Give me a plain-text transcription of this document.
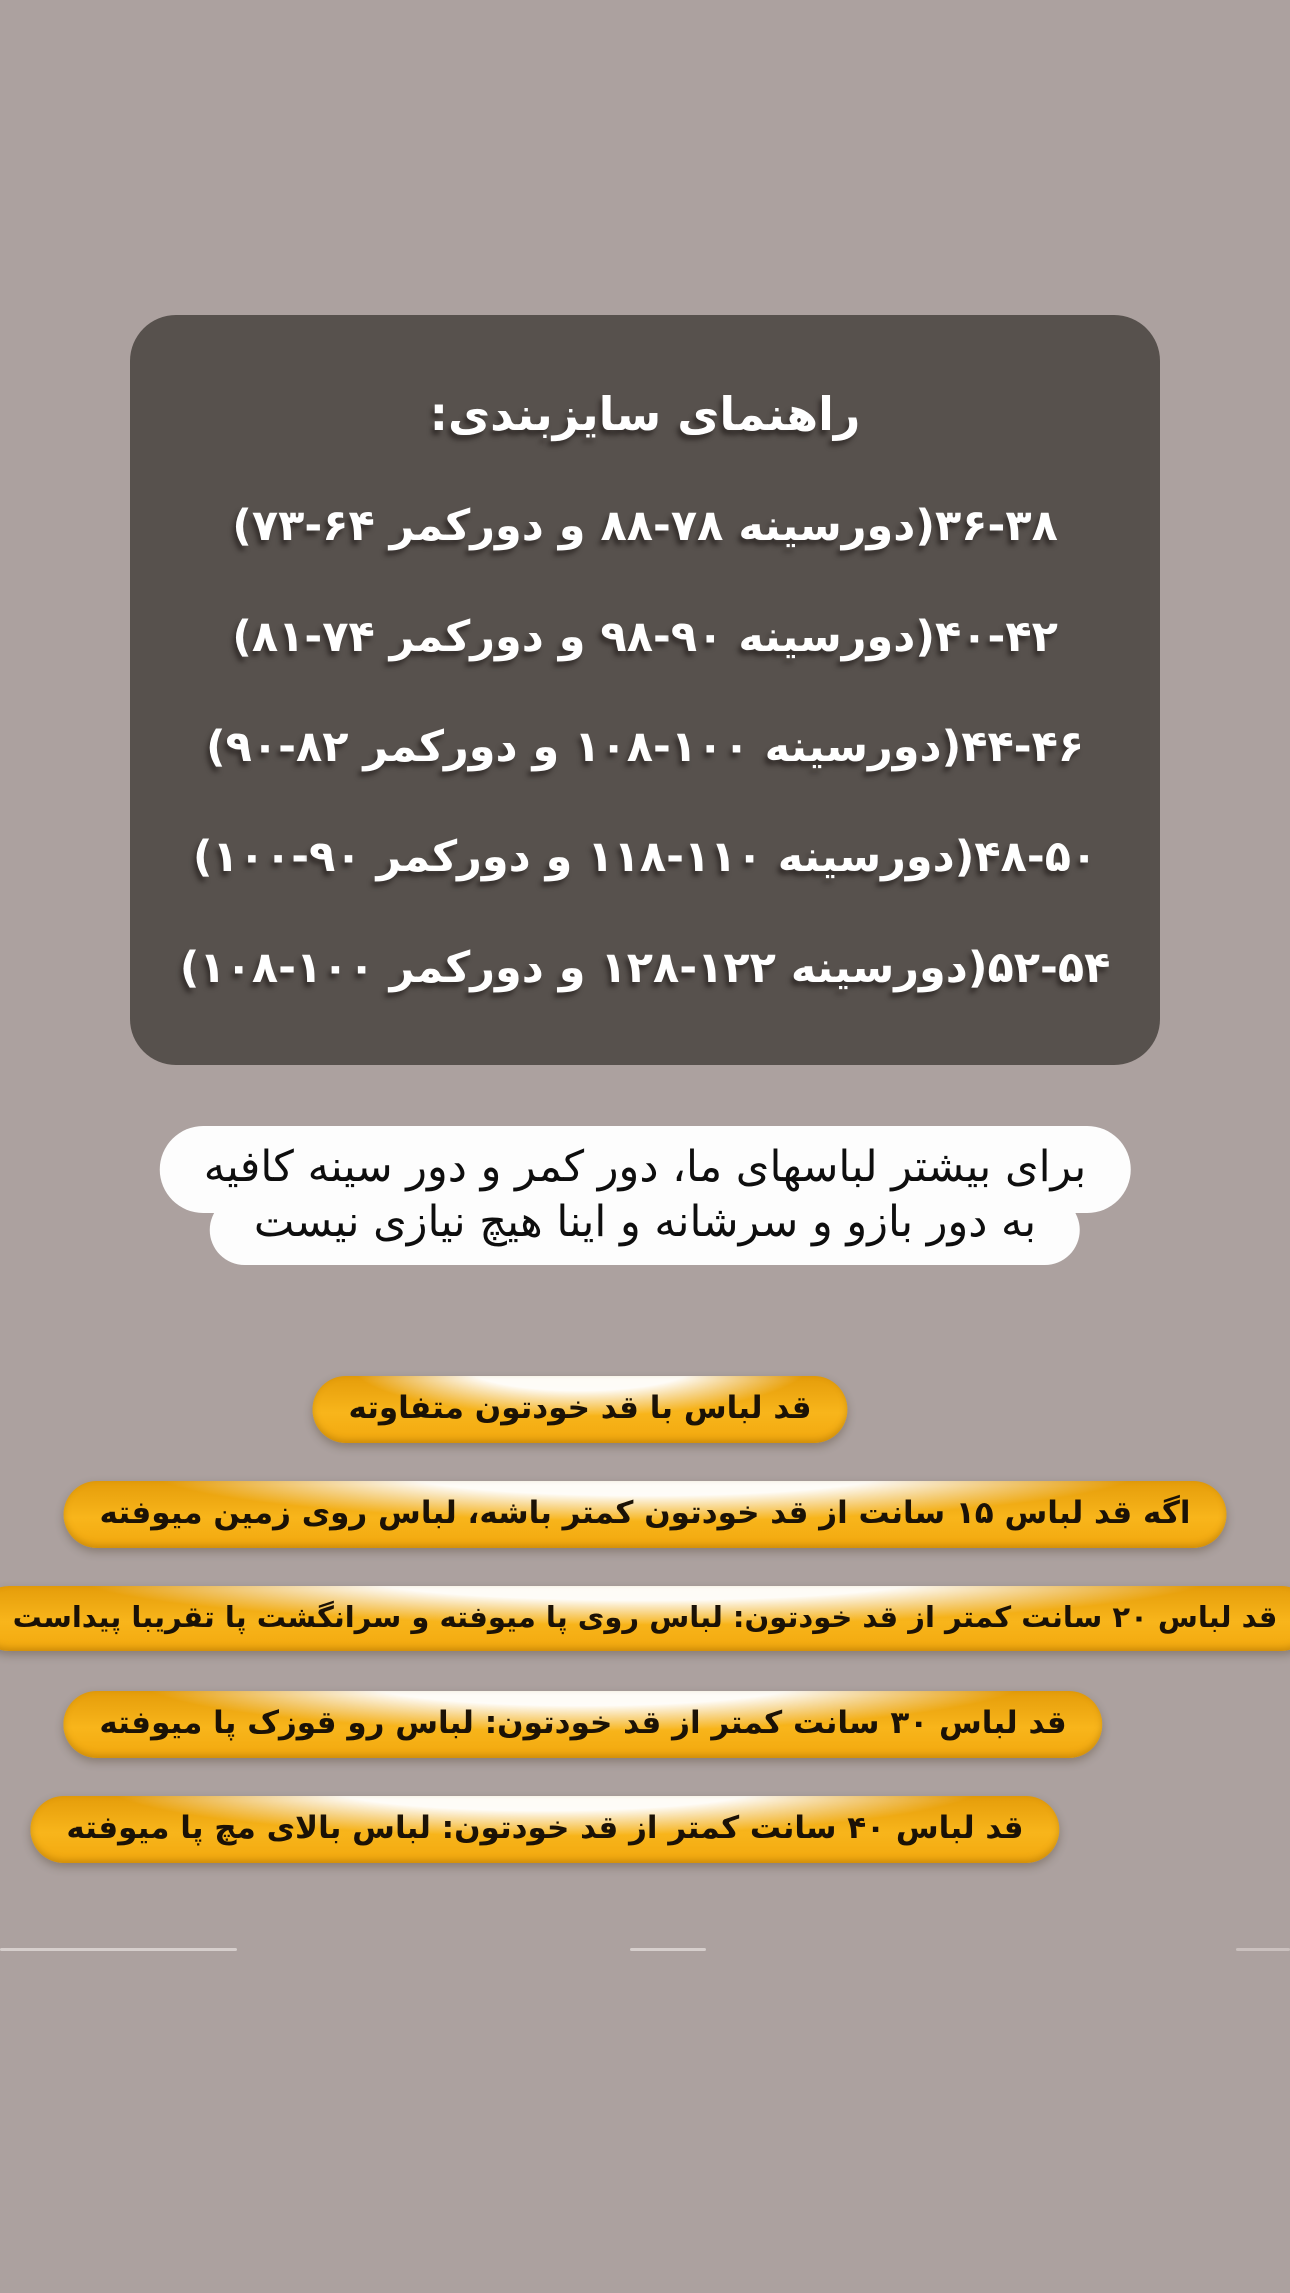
راهنمای سایزبندی:
۳۶-۳۸(دورسینه ۷۸-۸۸ و دورکمر ۶۴-۷۳)
۴۰-۴۲(دورسینه ۹۰-۹۸ و دورکمر ۷۴-۸۱)
۴۴-۴۶(دورسینه ۱۰۰-۱۰۸ و دورکمر ۸۲-۹۰)
۴۸-۵۰(دورسینه ۱۱۰-۱۱۸ و دورکمر ۹۰-۱۰۰)
۵۲-۵۴(دورسینه ۱۲۲-۱۲۸ و دورکمر ۱۰۰-۱۰۸)
برای بیشتر لباسهای ما، دور کمر و دور سینه کافیه
به دور بازو و سرشانه و اینا هیچ نیازی نیست
قد لباس با قد خودتون متفاوته
اگه قد لباس ۱۵ سانت از قد خودتون کمتر باشه، لباس روی زمین میوفته
قد لباس ۲۰ سانت کمتر از قد خودتون: لباس روی پا میوفته و سرانگشت پا تقریبا پیداست
قد لباس ۳۰ سانت کمتر از قد خودتون: لباس رو قوزک پا میوفته
قد لباس ۴۰ سانت کمتر از قد خودتون: لباس بالای مچ پا میوفته
